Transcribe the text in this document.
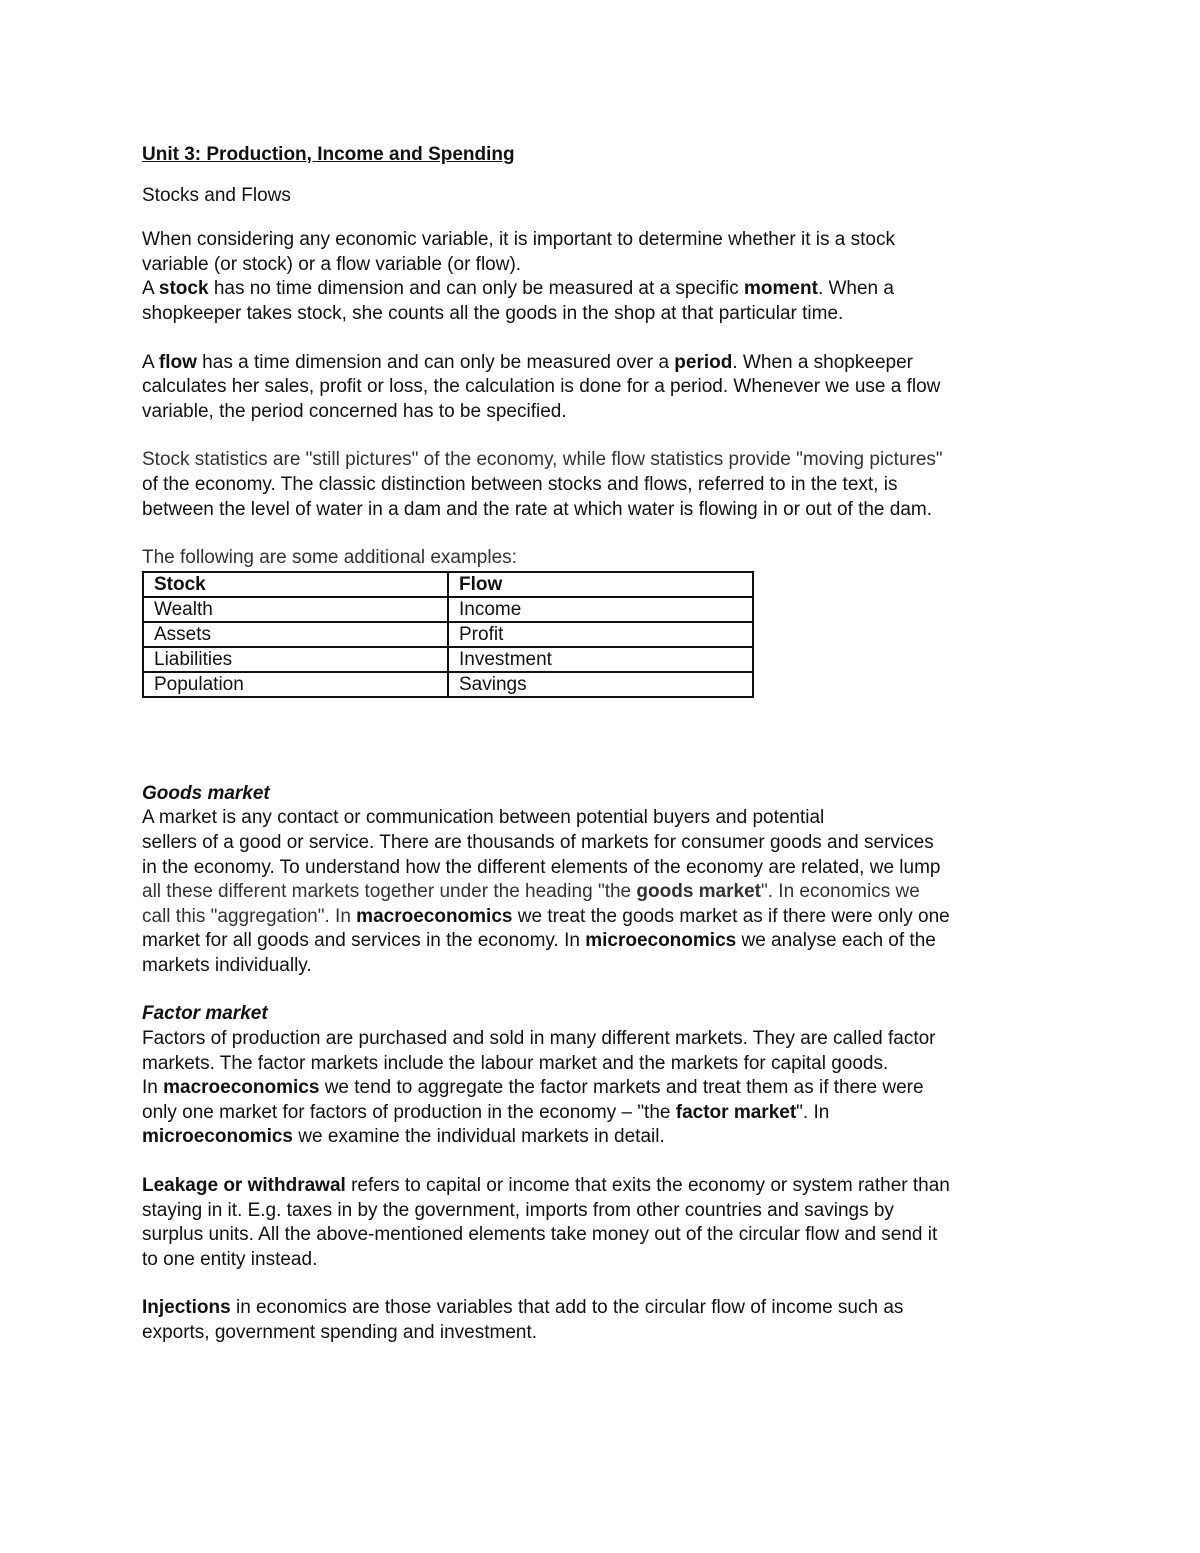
Unit 3: Production, Income and Spending

Stocks and Flows

When considering any economic variable, it is important to determine whether it is a stock

variable (or stock) or a flow variable (or flow).

A stock has no time dimension and can only be measured at a specific moment. When a

shopkeeper takes stock, she counts all the goods in the shop at that particular time.

A flow has a time dimension and can only be measured over a period. When a shopkeeper

calculates her sales, profit or loss, the calculation is done for a period. Whenever we use a flow

variable, the period concerned has to be specified.

Stock statistics are "still pictures" of the economy, while flow statistics provide "moving pictures"

of the economy. The classic distinction between stocks and flows, referred to in the text, is

between the level of water in a dam and the rate at which water is flowing in or out of the dam.

The following are some additional examples:

Stock	Flow
Wealth	Income
Assets	Profit
Liabilities	Investment
Population	Savings

Goods market

A market is any contact or communication between potential buyers and potential

sellers of a good or service. There are thousands of markets for consumer goods and services

in the economy. To understand how the different elements of the economy are related, we lump

all these different markets together under the heading "the goods market". In economics we

call this "aggregation". In macroeconomics we treat the goods market as if there were only one

market for all goods and services in the economy. In microeconomics we analyse each of the

markets individually.

Factor market

Factors of production are purchased and sold in many different markets. They are called factor

markets. The factor markets include the labour market and the markets for capital goods.

In macroeconomics we tend to aggregate the factor markets and treat them as if there were

only one market for factors of production in the economy – "the factor market". In

microeconomics we examine the individual markets in detail.

Leakage or withdrawal refers to capital or income that exits the economy or system rather than

staying in it. E.g. taxes in by the government, imports from other countries and savings by

surplus units. All the above-mentioned elements take money out of the circular flow and send it

to one entity instead.

Injections in economics are those variables that add to the circular flow of income such as

exports, government spending and investment.
